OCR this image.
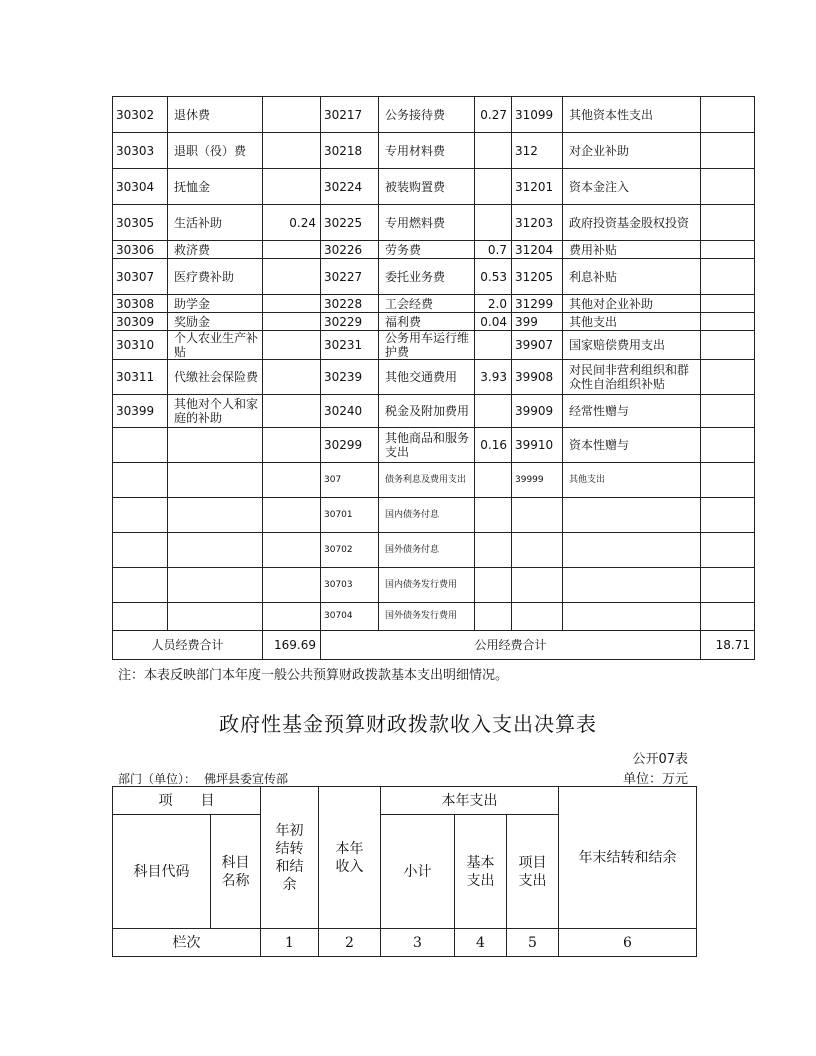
30302	退休费		30217	公务接待费	0.27	31099	其他资本性支出	
30303	退职（役）费		30218	专用材料费		312	对企业补助	
30304	抚恤金		30224	被装购置费		31201	资本金注入	
30305	生活补助	0.24	30225	专用燃料费		31203	政府投资基金股权投资	
30306	救济费		30226	劳务费	0.7	31204	费用补贴	
30307	医疗费补助		30227	委托业务费	0.53	31205	利息补贴	
30308	助学金		30228	工会经费	2.0	31299	其他对企业补助	
30309	奖励金		30229	福利费	0.04	399	其他支出	
30310	个人农业生产补贴		30231	公务用车运行维护费		39907	国家赔偿费用支出	
30311	代缴社会保险费		30239	其他交通费用	3.93	39908	对民间非营利组织和群众性自治组织补贴	
30399	其他对个人和家庭的补助		30240	税金及附加费用		39909	经常性赠与	
			30299	其他商品和服务支出	0.16	39910	资本性赠与	
			307	债务利息及费用支出		39999	其他支出	
			30701	国内债务付息				
			30702	国外债务付息				
			30703	国内债务发行费用				
			30704	国外债务发行费用				
人员经费合计		169.69	公用经费合计					18.71
注：本表反映部门本年度一般公共预算财政拨款基本支出明细情况。
政府性基金预算财政拨款收入支出决算表
公开07表
部门（单位）： 佛坪县委宣传部	单位：万元
项　　目		年初结转和结余	本年收入	本年支出			年末结转和结余
科目代码	科目名称			小计	基本支出	项目支出	

栏次		1	2	3	4	5	6
